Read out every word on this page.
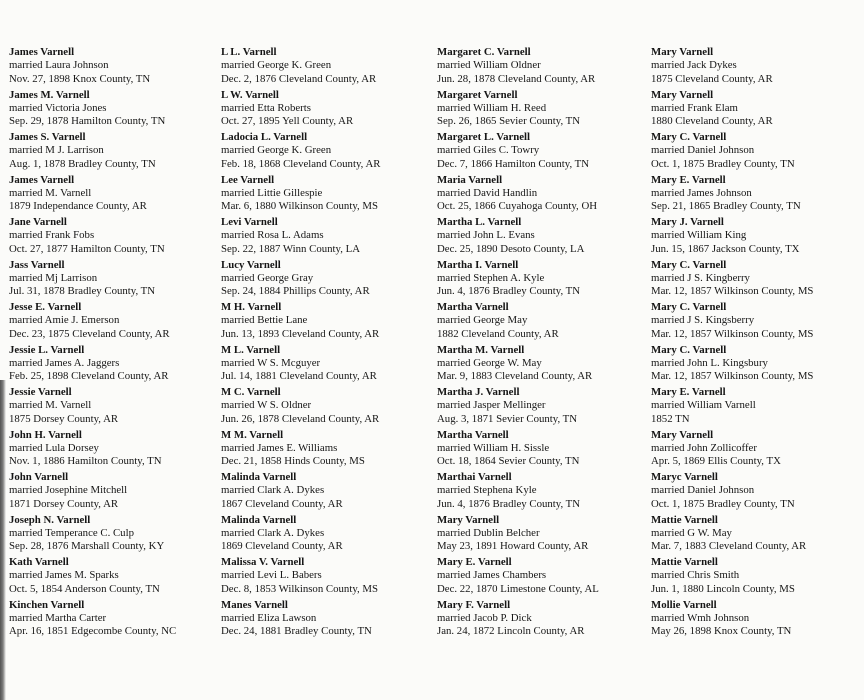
James Varnell
married Laura Johnson
Nov. 27, 1898 Knox County, TN
James M. Varnell
married Victoria Jones
Sep. 29, 1878 Hamilton County, TN
James S. Varnell
married M J. Larrison
Aug. 1, 1878 Bradley County, TN
James Varnell
married M. Varnell
1879 Independance County, AR
Jane Varnell
married Frank Fobs
Oct. 27, 1877 Hamilton County, TN
Jass Varnell
married Mj Larrison
Jul. 31, 1878 Bradley County, TN
Jesse E. Varnell
married Amie J. Emerson
Dec. 23, 1875 Cleveland County, AR
Jessie L. Varnell
married James A. Jaggers
Feb. 25, 1898 Cleveland County, AR
Jessie Varnell
married M. Varnell
1875 Dorsey County, AR
John H. Varnell
married Lula Dorsey
Nov. 1, 1886 Hamilton County, TN
John Varnell
married Josephine Mitchell
1871 Dorsey County, AR
Joseph N. Varnell
married Temperance C. Culp
Sep. 28, 1876 Marshall County, KY
Kath Varnell
married James M. Sparks
Oct. 5, 1854 Anderson County, TN
Kinchen Varnell
married Martha Carter
Apr. 16, 1851 Edgecombe County, NC
L L. Varnell
married George K. Green
Dec. 2, 1876 Cleveland County, AR
L W. Varnell
married Etta Roberts
Oct. 27, 1895 Yell County, AR
Ladocia L. Varnell
married George K. Green
Feb. 18, 1868 Cleveland County, AR
Lee Varnell
married Littie Gillespie
Mar. 6, 1880 Wilkinson County, MS
Levi Varnell
married Rosa L. Adams
Sep. 22, 1887 Winn County, LA
Lucy Varnell
married George Gray
Sep. 24, 1884 Phillips County, AR
M H. Varnell
married Bettie Lane
Jun. 13, 1893 Cleveland County, AR
M L. Varnell
married W S. Mcguyer
Jul. 14, 1881 Cleveland County, AR
M C. Varnell
married W S. Oldner
Jun. 26, 1878 Cleveland County, AR
M M. Varnell
married James E. Williams
Dec. 21, 1858 Hinds County, MS
Malinda Varnell
married Clark A. Dykes
1867 Cleveland County, AR
Malinda Varnell
married Clark A. Dykes
1869 Cleveland County, AR
Malissa V. Varnell
married Levi L. Babers
Dec. 8, 1853 Wilkinson County, MS
Manes Varnell
married Eliza Lawson
Dec. 24, 1881 Bradley County, TN
Margaret C. Varnell
married William Oldner
Jun. 28, 1878 Cleveland County, AR
Margaret Varnell
married William H. Reed
Sep. 26, 1865 Sevier County, TN
Margaret L. Varnell
married Giles C. Towry
Dec. 7, 1866 Hamilton County, TN
Maria Varnell
married David Handlin
Oct. 25, 1866 Cuyahoga County, OH
Martha L. Varnell
married John L. Evans
Dec. 25, 1890 Desoto County, LA
Martha I. Varnell
married Stephen A. Kyle
Jun. 4, 1876 Bradley County, TN
Martha Varnell
married George May
1882 Cleveland County, AR
Martha M. Varnell
married George W. May
Mar. 9, 1883 Cleveland County, AR
Martha J. Varnell
married Jasper Mellinger
Aug. 3, 1871 Sevier County, TN
Martha Varnell
married William H. Sissle
Oct. 18, 1864 Sevier County, TN
Marthai Varnell
married Stephena Kyle
Jun. 4, 1876 Bradley County, TN
Mary Varnell
married Dublin Belcher
May 23, 1891 Howard County, AR
Mary E. Varnell
married James Chambers
Dec. 22, 1870 Limestone County, AL
Mary F. Varnell
married Jacob P. Dick
Jan. 24, 1872 Lincoln County, AR
Mary Varnell
married Jack Dykes
1875 Cleveland County, AR
Mary Varnell
married Frank Elam
1880 Cleveland County, AR
Mary C. Varnell
married Daniel Johnson
Oct. 1, 1875 Bradley County, TN
Mary E. Varnell
married James Johnson
Sep. 21, 1865 Bradley County, TN
Mary J. Varnell
married William King
Jun. 15, 1867 Jackson County, TX
Mary C. Varnell
married J S. Kingberry
Mar. 12, 1857 Wilkinson County, MS
Mary C. Varnell
married J S. Kingsberry
Mar. 12, 1857 Wilkinson County, MS
Mary C. Varnell
married John L. Kingsbury
Mar. 12, 1857 Wilkinson County, MS
Mary E. Varnell
married William Varnell
1852 TN
Mary Varnell
married John Zollicoffer
Apr. 5, 1869 Ellis County, TX
Maryc Varnell
married Daniel Johnson
Oct. 1, 1875 Bradley County, TN
Mattie Varnell
married G W. May
Mar. 7, 1883 Cleveland County, AR
Mattie Varnell
married Chris Smith
Jun. 1, 1880 Lincoln County, MS
Mollie Varnell
married Wmh Johnson
May 26, 1898 Knox County, TN
